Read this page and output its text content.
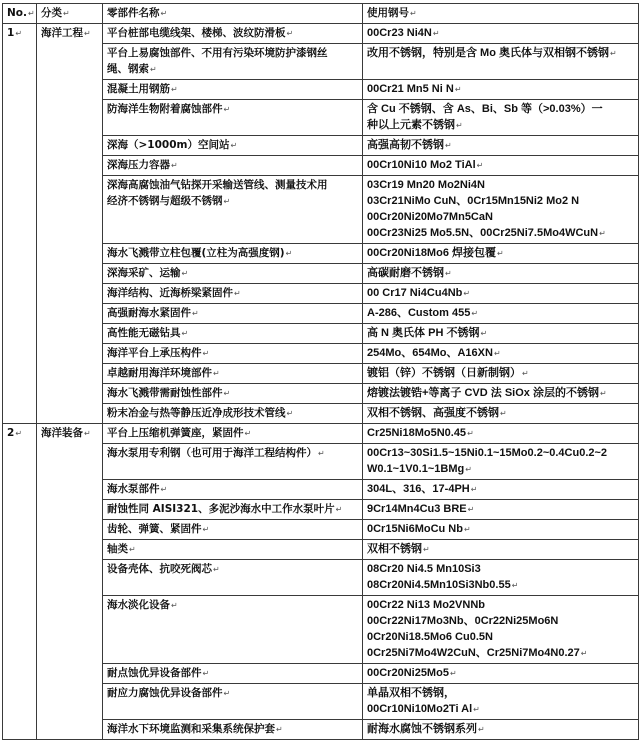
No.↵	分类↵	零部件名称↵	使用钢号↵
1↵	海洋工程↵	平台桩部电缆线架、楼梯、波纹防滑板↵	00Cr23 Ni4N↵

		平台上易腐蚀部件、不用有污染环境防护漆钢丝
绳、钢索↵	改用不锈钢，特别是含 Mo 奥氏体与双相钢不锈钢↵

		混凝土用钢筋↵	00Cr21 Mn5 Ni N↵

		防海洋生物附着腐蚀部件↵	含 Cu 不锈钢、含 As、Bi、Sb 等（>0.03%）一
种以上元素不锈钢↵

		深海（>1000m）空间站↵	高强高韧不锈钢↵

		深海压力容器↵	00Cr10Ni10 Mo2 TiAl↵

		深海高腐蚀油气钻探开采输送管线、测量技术用
经济不锈钢与超级不锈钢↵	03Cr19 Mn20 Mo2Ni4N
03Cr21NiMo CuN、0Cr15Mn15Ni2 Mo2 N
00Cr20Ni20Mo7Mn5CaN
00Cr23Ni25 Mo5.5N、00Cr25Ni7.5Mo4WCuN↵

		海水飞溅带立柱包覆(立柱为高强度钢)↵	00Cr20Ni18Mo6 焊接包覆↵

		深海采矿、运输↵	高碳耐磨不锈钢↵

		海洋结构、近海桥梁紧固件↵	00 Cr17 Ni4Cu4Nb↵

		高强耐海水紧固件↵	A-286、Custom 455↵

		高性能无磁钻具↵	高 N 奥氏体 PH 不锈钢↵

		海洋平台上承压构件↵	254Mo、654Mo、A16XN↵

		卓越耐用海洋环境部件↵	镀铝（锌）不锈钢（日新制钢）↵

		海水飞溅带需耐蚀性部件↵	熔镀法镀锆+等离子 CVD 法 SiOx 涂层的不锈钢↵

		粉末冶金与热等静压近净成形技术管线↵	双相不锈钢、高强度不锈钢↵

2↵	海洋装备↵	平台上压缩机弹簧座，紧固件↵	Cr25Ni18Mo5N0.45↵

		海水泵用专利钢（也可用于海洋工程结构件）↵	00Cr13~30Si1.5~15Ni0.1~15Mo0.2~0.4Cu0.2~2
W0.1~1V0.1~1BMg↵

		海水泵部件↵	304L、316、17-4PH↵

		耐蚀性同 AISI321、多泥沙海水中工作水泵叶片↵	9Cr14Mn4Cu3 BRE↵

		齿轮、弹簧、紧固件↵	0Cr15Ni6MoCu Nb↵

		轴类↵	双相不锈钢↵

		设备壳体、抗咬死阀芯↵	08Cr20 Ni4.5 Mn10Si3
08Cr20Ni4.5Mn10Si3Nb0.55↵

		海水淡化设备↵	00Cr22 Ni13 Mo2VNNb
00Cr22Ni17Mo3Nb、0Cr22Ni25Mo6N
0Cr20Ni18.5Mo6 Cu0.5N
0Cr25Ni7Mo4W2CuN、Cr25Ni7Mo4N0.27↵

		耐点蚀优异设备部件↵	00Cr20Ni25Mo5↵

		耐应力腐蚀优异设备部件↵	单晶双相不锈钢，
00Cr10Ni10Mo2Ti Al↵

		海洋水下环境监测和采集系统保护套↵	耐海水腐蚀不锈钢系列↵
